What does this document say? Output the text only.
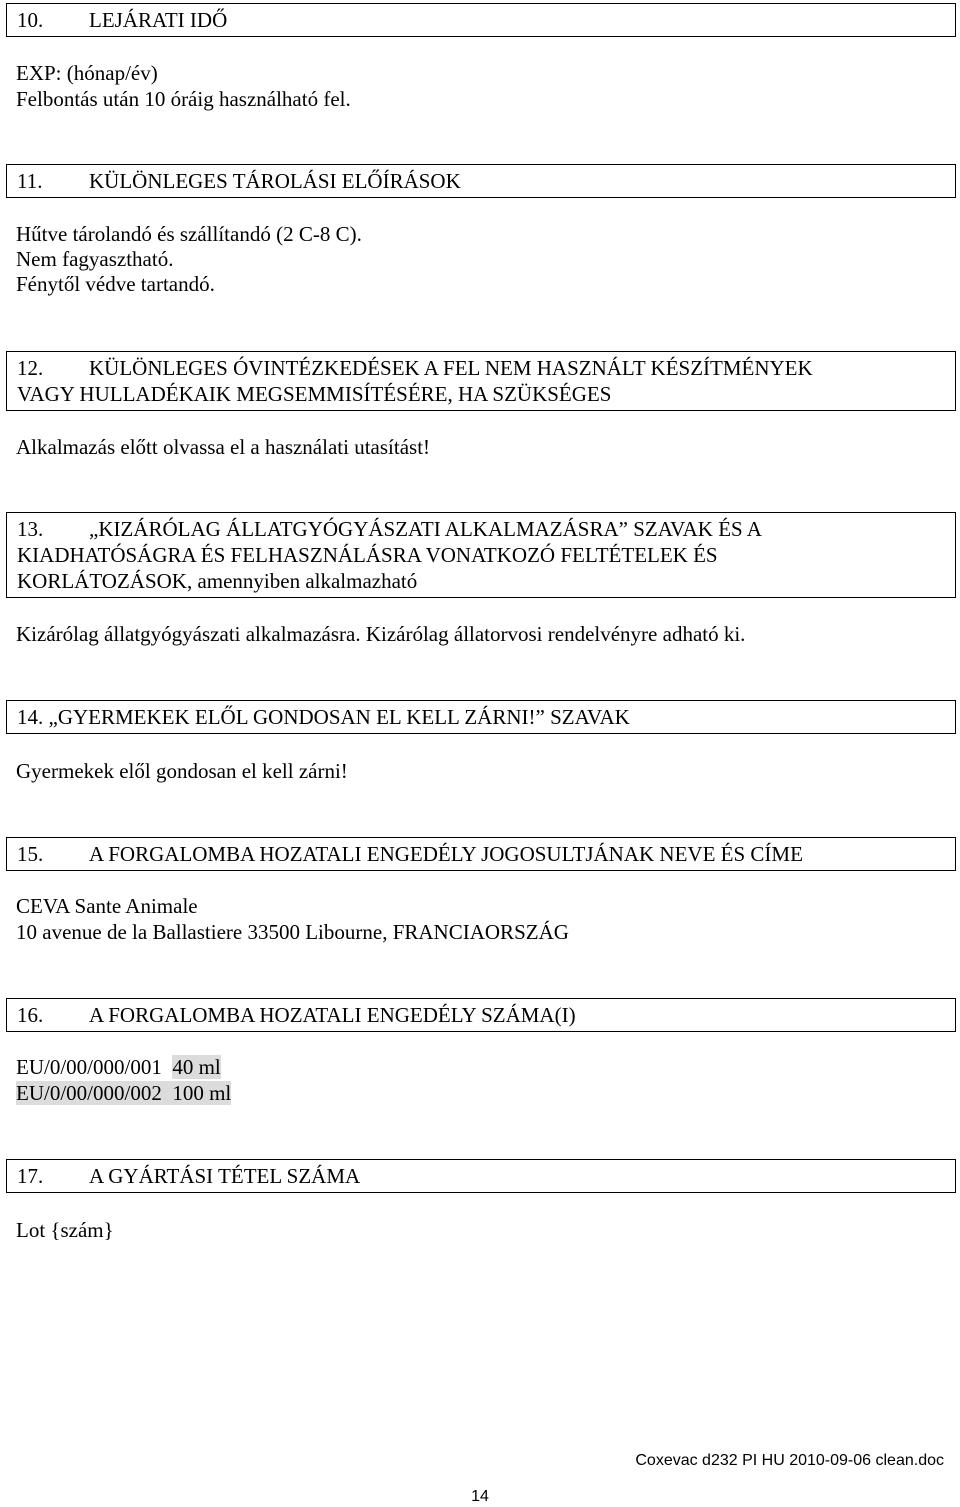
10. LEJÁRATI IDŐ
EXP: (hónap/év)
Felbontás után 10 óráig használható fel.
11. KÜLÖNLEGES TÁROLÁSI ELŐÍRÁSOK
Hűtve tárolandó és szállítandó (2 C-8 C).
Nem fagyasztható.
Fénytől védve tartandó.
12. KÜLÖNLEGES ÓVINTÉZKEDÉSEK A FEL NEM HASZNÁLT KÉSZÍTMÉNYEK
VAGY HULLADÉKAIK MEGSEMMISÍTÉSÉRE, HA SZÜKSÉGES
Alkalmazás előtt olvassa el a használati utasítást!
13. „KIZÁRÓLAG ÁLLATGYÓGYÁSZATI ALKALMAZÁSRA” SZAVAK ÉS A
KIADHATÓSÁGRA ÉS FELHASZNÁLÁSRA VONATKOZÓ FELTÉTELEK ÉS
KORLÁTOZÁSOK, amennyiben alkalmazható
Kizárólag állatgyógyászati alkalmazásra. Kizárólag állatorvosi rendelvényre adható ki.
14. „GYERMEKEK ELŐL GONDOSAN EL KELL ZÁRNI!” SZAVAK
Gyermekek elől gondosan el kell zárni!
15. A FORGALOMBA HOZATALI ENGEDÉLY JOGOSULTJÁNAK NEVE ÉS CÍME
CEVA Sante Animale
10 avenue de la Ballastiere 33500 Libourne, FRANCIAORSZÁG
16. A FORGALOMBA HOZATALI ENGEDÉLY SZÁMA(I)
EU/0/00/000/001 40 ml
EU/0/00/000/002 100 ml
17. A GYÁRTÁSI TÉTEL SZÁMA
Lot {szám}
Coxevac d232 PI HU 2010-09-06 clean.doc
14
